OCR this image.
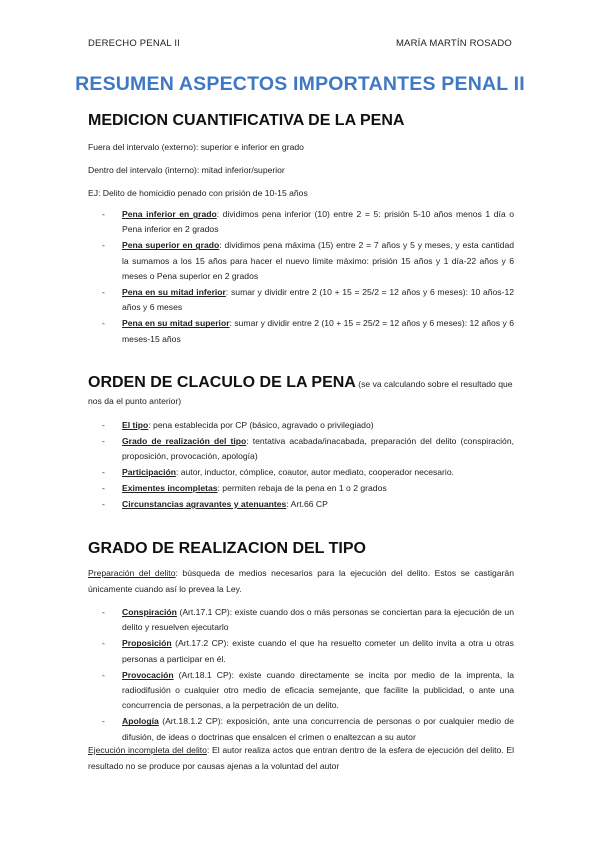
DERECHO PENAL II	MARÍA MARTÍN ROSADO
RESUMEN ASPECTOS IMPORTANTES PENAL II
MEDICION CUANTIFICATIVA DE LA PENA
Fuera del intervalo (externo): superior e inferior en grado
Dentro del intervalo (interno): mitad inferior/superior
EJ: Delito de homicidio penado con prisión de 10-15 años
- Pena inferior en grado: dividimos pena inferior (10) entre 2 = 5: prisión 5-10 años menos 1 día o Pena inferior en 2 grados
- Pena superior en grado: dividimos pena máxima (15) entre 2 = 7 años y 5 y meses, y esta cantidad la sumamos a los 15 años para hacer el nuevo límite máximo: prisión 15 años y 1 día-22 años y 6 meses o Pena superior en 2 grados
- Pena en su mitad inferior: sumar y dividir entre 2 (10 + 15 = 25/2 = 12 años y 6 meses): 10 años-12 años y 6 meses
- Pena en su mitad superior: sumar y dividir entre 2 (10 + 15 = 25/2 = 12 años y 6 meses): 12 años y 6 meses-15 años
ORDEN DE CLACULO DE LA PENA (se va calculando sobre el resultado que nos da el punto anterior)
- El tipo: pena establecida por CP (básico, agravado o privilegiado)
- Grado de realización del tipo: tentativa acabada/inacabada, preparación del delito (conspiración, proposición, provocación, apología)
- Participación: autor, inductor, cómplice, coautor, autor mediato, cooperador necesario.
- Eximentes incompletas: permiten rebaja de la pena en 1 o 2 grados
- Circunstancias agravantes y atenuantes: Art.66 CP
GRADO DE REALIZACION DEL TIPO
Preparación del delito: búsqueda de medios necesarios para la ejecución del delito. Estos se castigarán únicamente cuando así lo prevea la Ley.
- Conspiración (Art.17.1 CP): existe cuando dos o más personas se conciertan para la ejecución de un delito y resuelven ejecutarlo
- Proposición (Art.17.2 CP): existe cuando el que ha resuelto cometer un delito invita a otra u otras personas a participar en él.
- Provocación (Art.18.1 CP): existe cuando directamente se incita por medio de la imprenta, la radiodifusión o cualquier otro medio de eficacia semejante, que facilite la publicidad, o ante una concurrencia de personas, a la perpetración de un delito.
- Apología (Art.18.1.2 CP): exposición, ante una concurrencia de personas o por cualquier medio de difusión, de ideas o doctrinas que ensalcen el crimen o enaltezcan a su autor
Ejecución incompleta del delito: El autor realiza actos que entran dentro de la esfera de ejecución del delito. El resultado no se produce por causas ajenas a la voluntad del autor
